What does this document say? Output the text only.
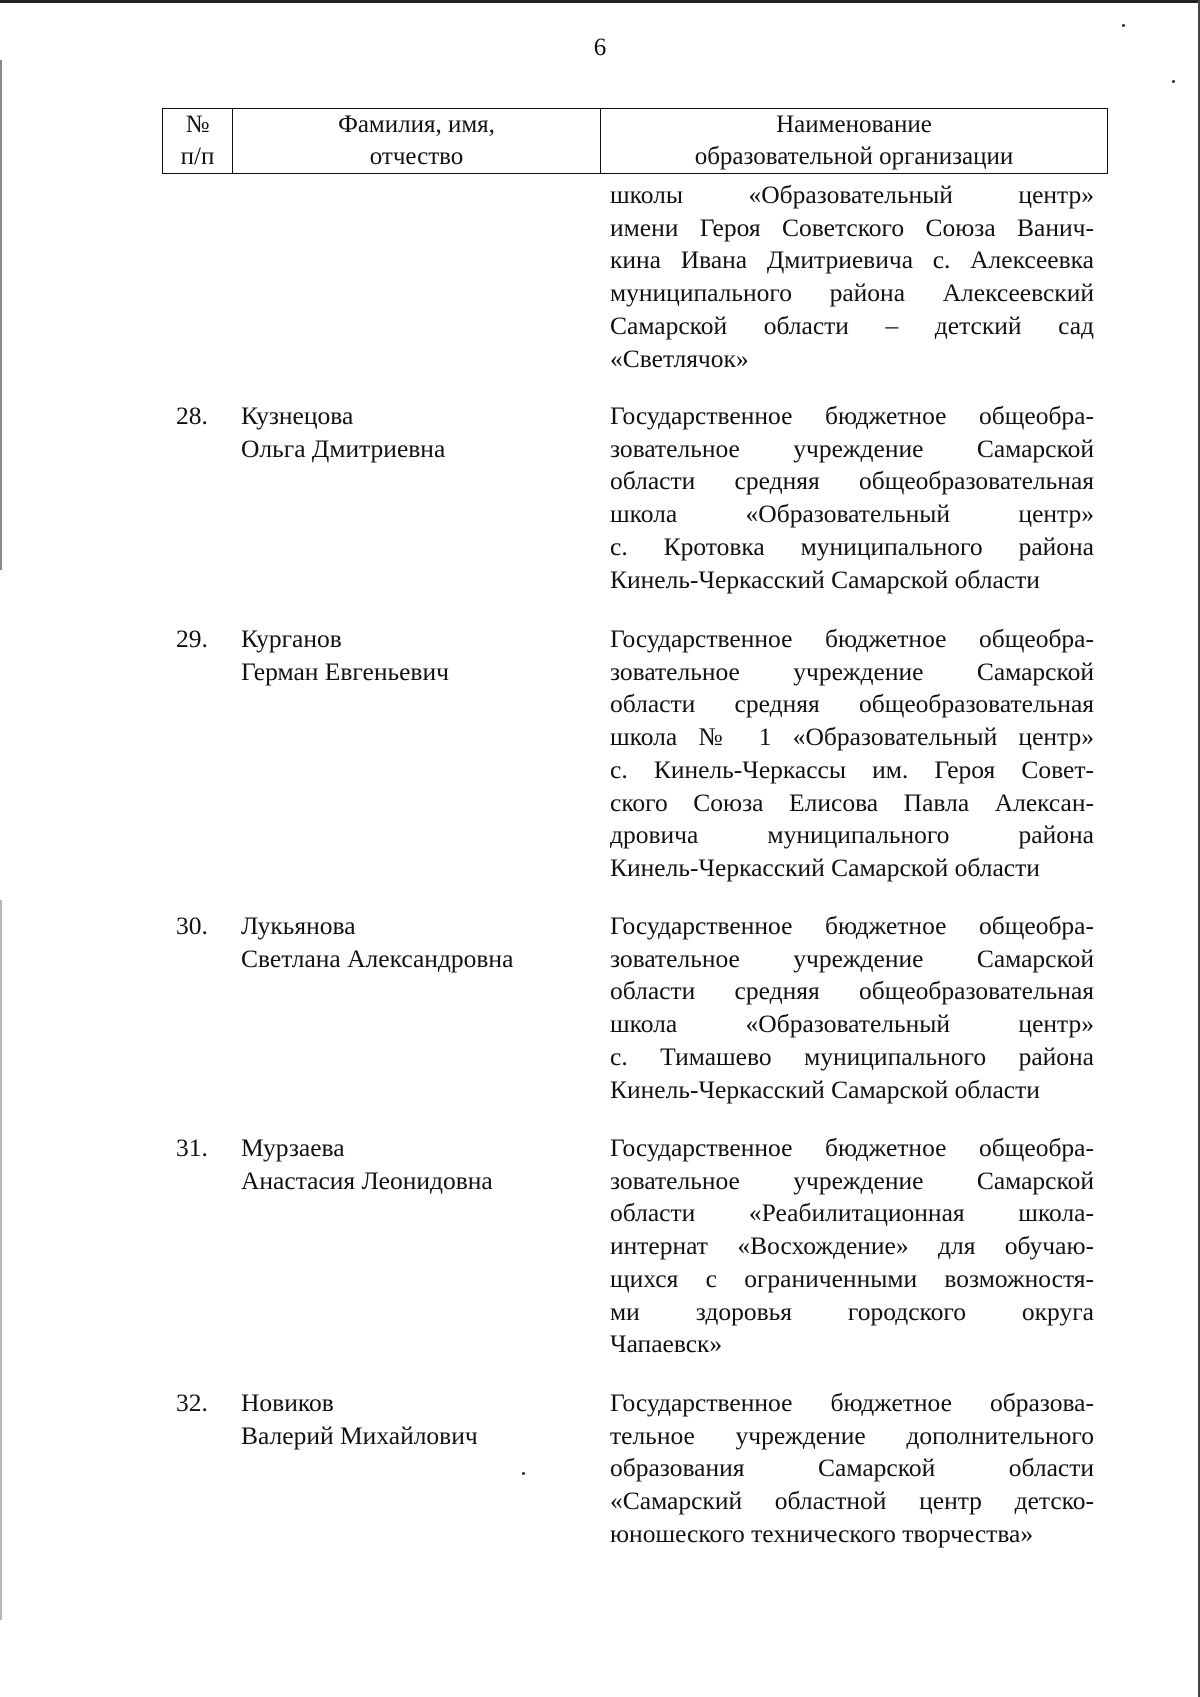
6
№
п/п
Фамилия, имя,
отчество
Наименование
образовательной организации
школы «Образовательный центр»
имени Героя Советского Союза Ванич-
кина Ивана Дмитриевича с. Алексеевка
муниципального района Алексеевский
Самарской области – детский сад
«Светлячок»
28. Кузнецова
Ольга Дмитриевна
Государственное бюджетное общеобра-
зовательное учреждение Самарской
области средняя общеобразовательная
школа «Образовательный центр»
с. Кротовка муниципального района
Кинель-Черкасский Самарской области
29. Курганов
Герман Евгеньевич
Государственное бюджетное общеобра-
зовательное учреждение Самарской
области средняя общеобразовательная
школа № 1 «Образовательный центр»
с. Кинель-Черкассы им. Героя Совет-
ского Союза Елисова Павла Алексан-
дровича муниципального района
Кинель-Черкасский Самарской области
30. Лукьянова
Светлана Александровна
Государственное бюджетное общеобра-
зовательное учреждение Самарской
области средняя общеобразовательная
школа «Образовательный центр»
с. Тимашево муниципального района
Кинель-Черкасский Самарской области
31. Мурзаева
Анастасия Леонидовна
Государственное бюджетное общеобра-
зовательное учреждение Самарской
области «Реабилитационная школа-
интернат «Восхождение» для обучаю-
щихся с ограниченными возможностя-
ми здоровья городского округа
Чапаевск»
32. Новиков
Валерий Михайлович
Государственное бюджетное образова-
тельное учреждение дополнительного
образования Самарской области
«Самарский областной центр детско-
юношеского технического творчества»
